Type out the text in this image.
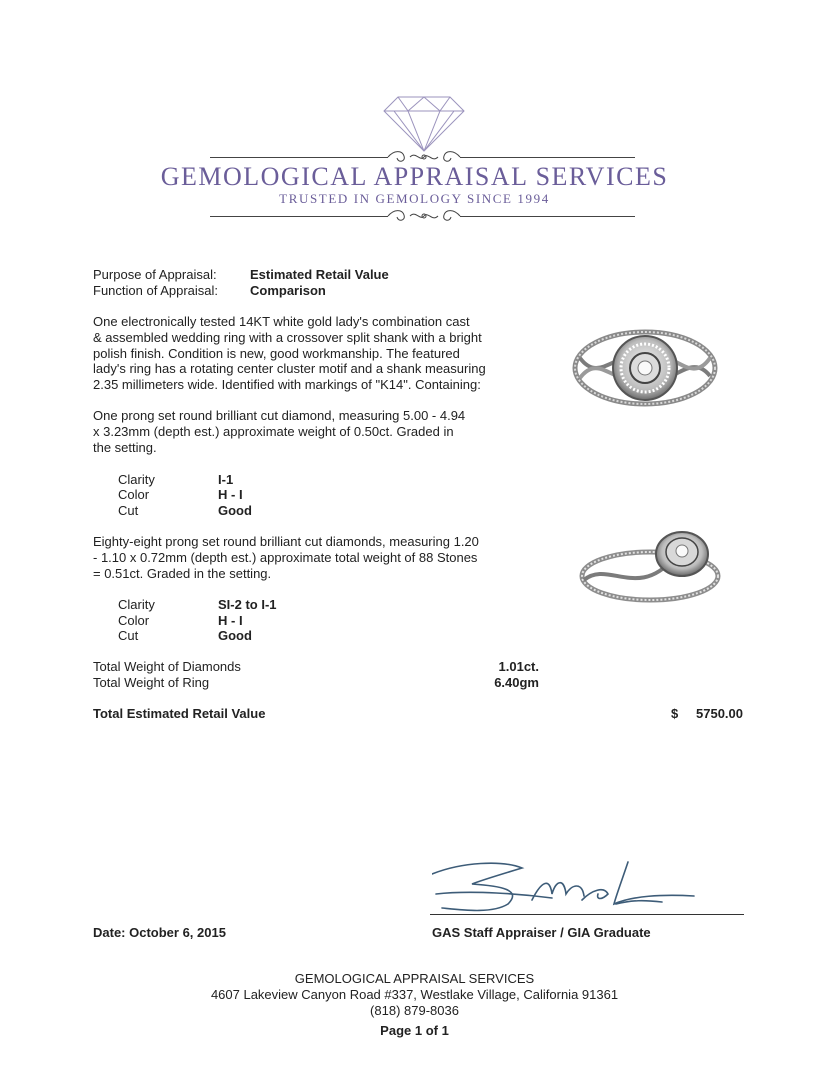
GEMOLOGICAL APPRAISAL SERVICES
TRUSTED IN GEMOLOGY SINCE 1994
Purpose of Appraisal:	Estimated Retail Value
Function of Appraisal: Comparison
One electronically tested 14KT white gold lady's combination cast
& assembled wedding ring with a crossover split shank with a bright
polish finish. Condition is new, good workmanship. The featured
lady's ring has a rotating center cluster motif and a shank measuring
2.35 millimeters wide. Identified with markings of "K14". Containing:
One prong set round brilliant cut diamond, measuring 5.00 - 4.94
x 3.23mm (depth est.) approximate weight of 0.50ct. Graded in
the setting.
Clarity	I-1
Color	H - I
Cut	Good
Eighty-eight prong set round brilliant cut diamonds, measuring 1.20
- 1.10 x 0.72mm (depth est.) approximate total weight of 88 Stones
= 0.51ct. Graded in the setting.
Clarity	SI-2 to I-1
Color	H - I
Cut	Good
Total Weight of Diamonds	1.01ct.
Total Weight of Ring	6.40gm
Total Estimated Retail Value	$	5750.00
Date: October 6, 2015	GAS Staff Appraiser / GIA Graduate
GEMOLOGICAL APPRAISAL SERVICES
4607 Lakeview Canyon Road #337, Westlake Village, California 91361
(818) 879-8036
Page 1 of 1
